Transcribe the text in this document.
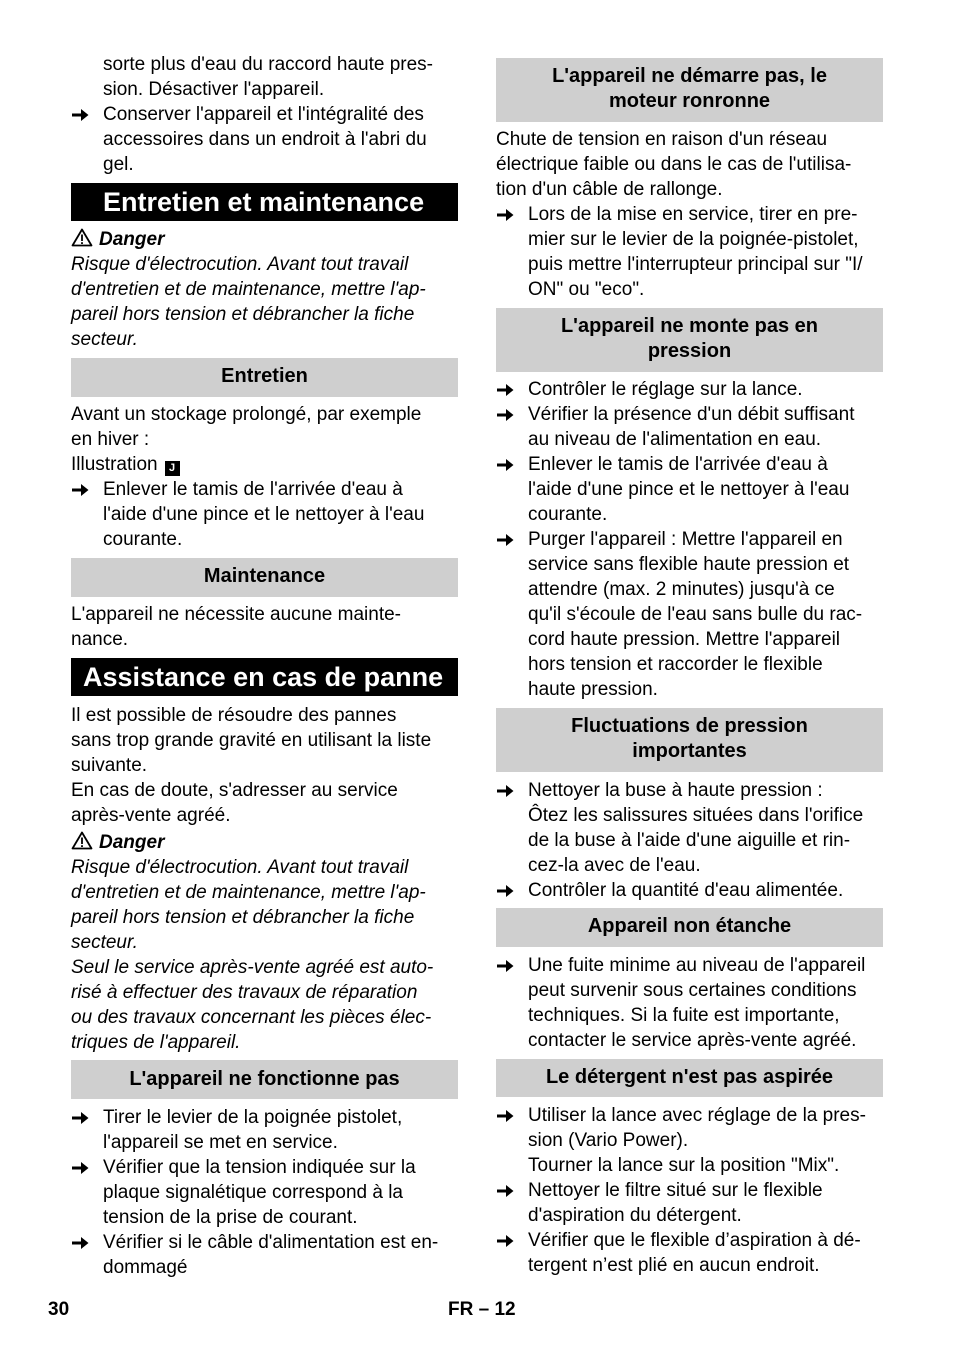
sorte plus d'eau du raccord haute pres-
sion. Désactiver l'appareil.
Conserver l'appareil et l'intégralité des
accessoires dans un endroit à l'abri du
gel.
Entretien et maintenance
Danger
Risque d'électrocution. Avant tout travail
d'entretien et de maintenance, mettre l'ap-
pareil hors tension et débrancher la fiche
secteur.
Entretien
Avant un stockage prolongé, par exemple
en hiver :
Illustration J
Enlever le tamis de l'arrivée d'eau à
l'aide d'une pince et le nettoyer à l'eau
courante.
Maintenance
L'appareil ne nécessite aucune mainte-
nance.
Assistance en cas de panne
Il est possible de résoudre des pannes
sans trop grande gravité en utilisant la liste
suivante.
En cas de doute, s'adresser au service
après-vente agréé.
Danger
Risque d'électrocution. Avant tout travail
d'entretien et de maintenance, mettre l'ap-
pareil hors tension et débrancher la fiche
secteur.
Seul le service après-vente agréé est auto-
risé à effectuer des travaux de réparation
ou des travaux concernant les pièces élec-
triques de l'appareil.
L'appareil ne fonctionne pas
Tirer le levier de la poignée pistolet,
l'appareil se met en service.
Vérifier que la tension indiquée sur la
plaque signalétique correspond à la
tension de la prise de courant.
Vérifier si le câble d'alimentation est en-
dommagé
L'appareil ne démarre pas, le
moteur ronronne
Chute de tension en raison d'un réseau
électrique faible ou dans le cas de l'utilisa-
tion d'un câble de rallonge.
Lors de la mise en service, tirer en pre-
mier sur le levier de la poignée-pistolet,
puis mettre l'interrupteur principal sur "I/
ON" ou "eco".
L'appareil ne monte pas en
pression
Contrôler le réglage sur la lance.
Vérifier la présence d'un débit suffisant
au niveau de l'alimentation en eau.
Enlever le tamis de l'arrivée d'eau à
l'aide d'une pince et le nettoyer à l'eau
courante.
Purger l'appareil : Mettre l'appareil en
service sans flexible haute pression et
attendre (max. 2 minutes) jusqu'à ce
qu'il s'écoule de l'eau sans bulle du rac-
cord haute pression. Mettre l'appareil
hors tension et raccorder le flexible
haute pression.
Fluctuations de pression
importantes
Nettoyer la buse à haute pression :
Ôtez les salissures situées dans l'orifice
de la buse à l'aide d'une aiguille et rin-
cez-la avec de l'eau.
Contrôler la quantité d'eau alimentée.
Appareil non étanche
Une fuite minime au niveau de l'appareil
peut survenir sous certaines conditions
techniques. Si la fuite est importante,
contacter le service après-vente agréé.
Le détergent n'est pas aspirée
Utiliser la lance avec réglage de la pres-
sion (Vario Power).
Tourner la lance sur la position "Mix".
Nettoyer le filtre situé sur le flexible
d'aspiration du détergent.
Vérifier que le flexible d’aspiration à dé-
tergent n’est plié en aucun endroit.
30	FR – 12
